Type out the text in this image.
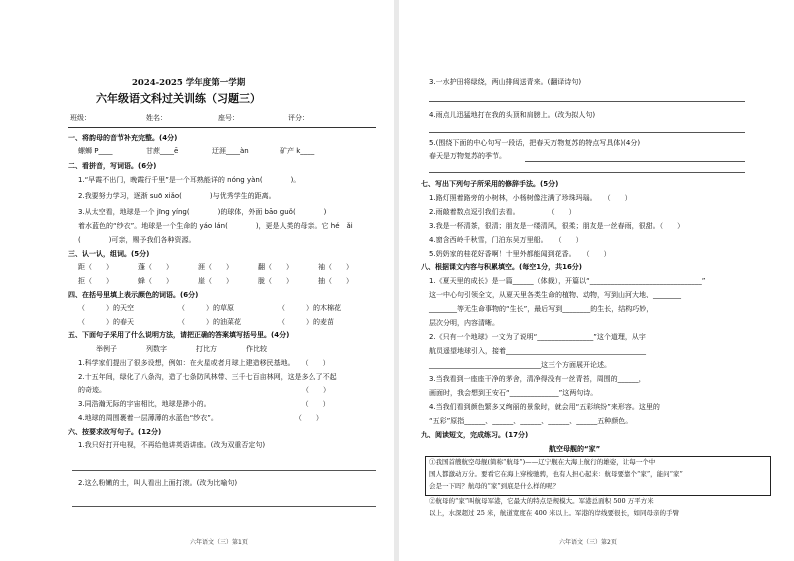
2024-2025 学年度第一学期
六年级语文科过关训练（习题三）
班级：	姓名：	座号：	评分：
一、将韵母的音节补充完整。(4分)
螺蛳 P____	甘蔗____ē	迂涯____àn	矿产 k____
二、看拼音，写词语。(6分)
1.“早霞不出门，晚霞行千里”是一个耳熟能详的 nóng yàn(　　　　)。
2.我要努力学习，逐渐 suō xiǎo(　　　　)与优秀学生的距离。
3.从太空看，地球是一个 jīng yíng(　　　　)的球体，外面 bāo guǒ(　　　　)
着水蓝色的“纱衣”。地球是一个生命的 yáo lán(　　　　)，更是人类的母亲。它 hé　ǎi
(　　　　)可亲，赐予我们各种资源。
三、认一认，组词。(5分)
距（　　）	蓬（　　）	涯（　　）	翻（　　）	袖（　　）
拒（　　）	蜂（　　）	崖（　　）	胧（　　）	抽（　　）
四、在括号里填上表示颜色的词语。(6分)
（　　　）的天空	（　　　）的草原	（　　　）的木棉花
（　　　）的春天	（　　　）的油菜花	（　　　）的麦苗
五、下面句子采用了什么说明方法，请把正确的答案填写括号里。(4分)
举例子	列数字	打比方	作比较
1.科学家们提出了很多设想，例如：在火星或者月球上建造移民基地。　　（　　）
2.十五年间，绿化了八条沟，造了七条防风林带、三千七百亩林网，这是多么了不起
的奇迹。　　　　　　　　　　　　　　　　　　　　　　　　　　　　　（　　）
3.同浩瀚无际的宇宙相比，地球是渺小的。　　　　　　　　　　　　　　（　　）
4.地球的周围裹着一层薄薄的水蓝色“纱衣”。　　　　　　　　　　　　（　　）
六、按要求改写句子。(12分)
1.我只好打开电视，不再给他讲英语讲座。(改为双重否定句)
2.这么粉嫩的土，叫人看出上面打滚。(改为比喻句)
六年语文（三）第1页
3.一水护田将绿绕，两山排闼送青来。(翻译诗句)
4.雨点儿迅猛地打在我的头顶和肩膀上。(改为拟人句)
5.(围绕下面的中心句写一段话，把春天万物复苏的特点写具体)(4分)
春天是万物复苏的季节。
七、写出下列句子所采用的修辞手法。(5分)
1.路灯照着路旁的小树林，小杨树像注满了珍珠玛瑙。　　（　　）
2.雨敲着数点逗引我们去看。　　　　　（　　）
3.我是一杯清茶，很清；朋友是一缕清风，很柔；朋友是一丝春雨，很甜。（　　）
4.窗含西岭千秋雪，门泊东吴万里船。　　（　　）
5.奶奶家的桂花好香啊！十里外都能闻到花香。　　（　　）
八、根据课文内容与积累填空。(每空1分，共16分)
1.《夏天里的成长》是一篇______（体裁），开篇以“________________________________”
这一中心句引领全文，从夏天里各类生命的植物、动物，写到山河大地、________
________等无生命事物的“生长”，最后写到________的生长，结构巧妙，
层次分明，内容清晰。
2.《只有一个地球》一文为了说明“________________”这个道理，从宇
航员遥望地球引入，接着________________________________________
________________________________这三个方面展开论述。
3.当我看到一座座干净的茅舍，清净得没有一丝青苔，周围的______，
画面时，我会想到王安石“______________”这两句诗。
4.当我们看到颜色繁多又绚丽的景象时，就会用“五彩缤纷”来形容。这里的
“五彩”原指______、______、______、______、______五种颜色。
九、阅读短文，完成练习。(17分)
航空母舰的“家”
①我国首艘航空母舰(简称“航母”)——辽宁舰在大海上航行的雄姿，让每一个中
国人都激动万分。要看它在海上穿梭驰骋，也有人担心起来：航母要靠个“家”，能问“家”
会是一下吗？航母的“家”到底是什么样的呢？
②航母的“家”叫航母军港，它最大的特点是规模大。军港总面积 500 万平方米
以上，水深超过 25 米，航道宽度在 400 米以上。军港的岸线要很长，如同母亲的手臂
六年语文（三）第2页
